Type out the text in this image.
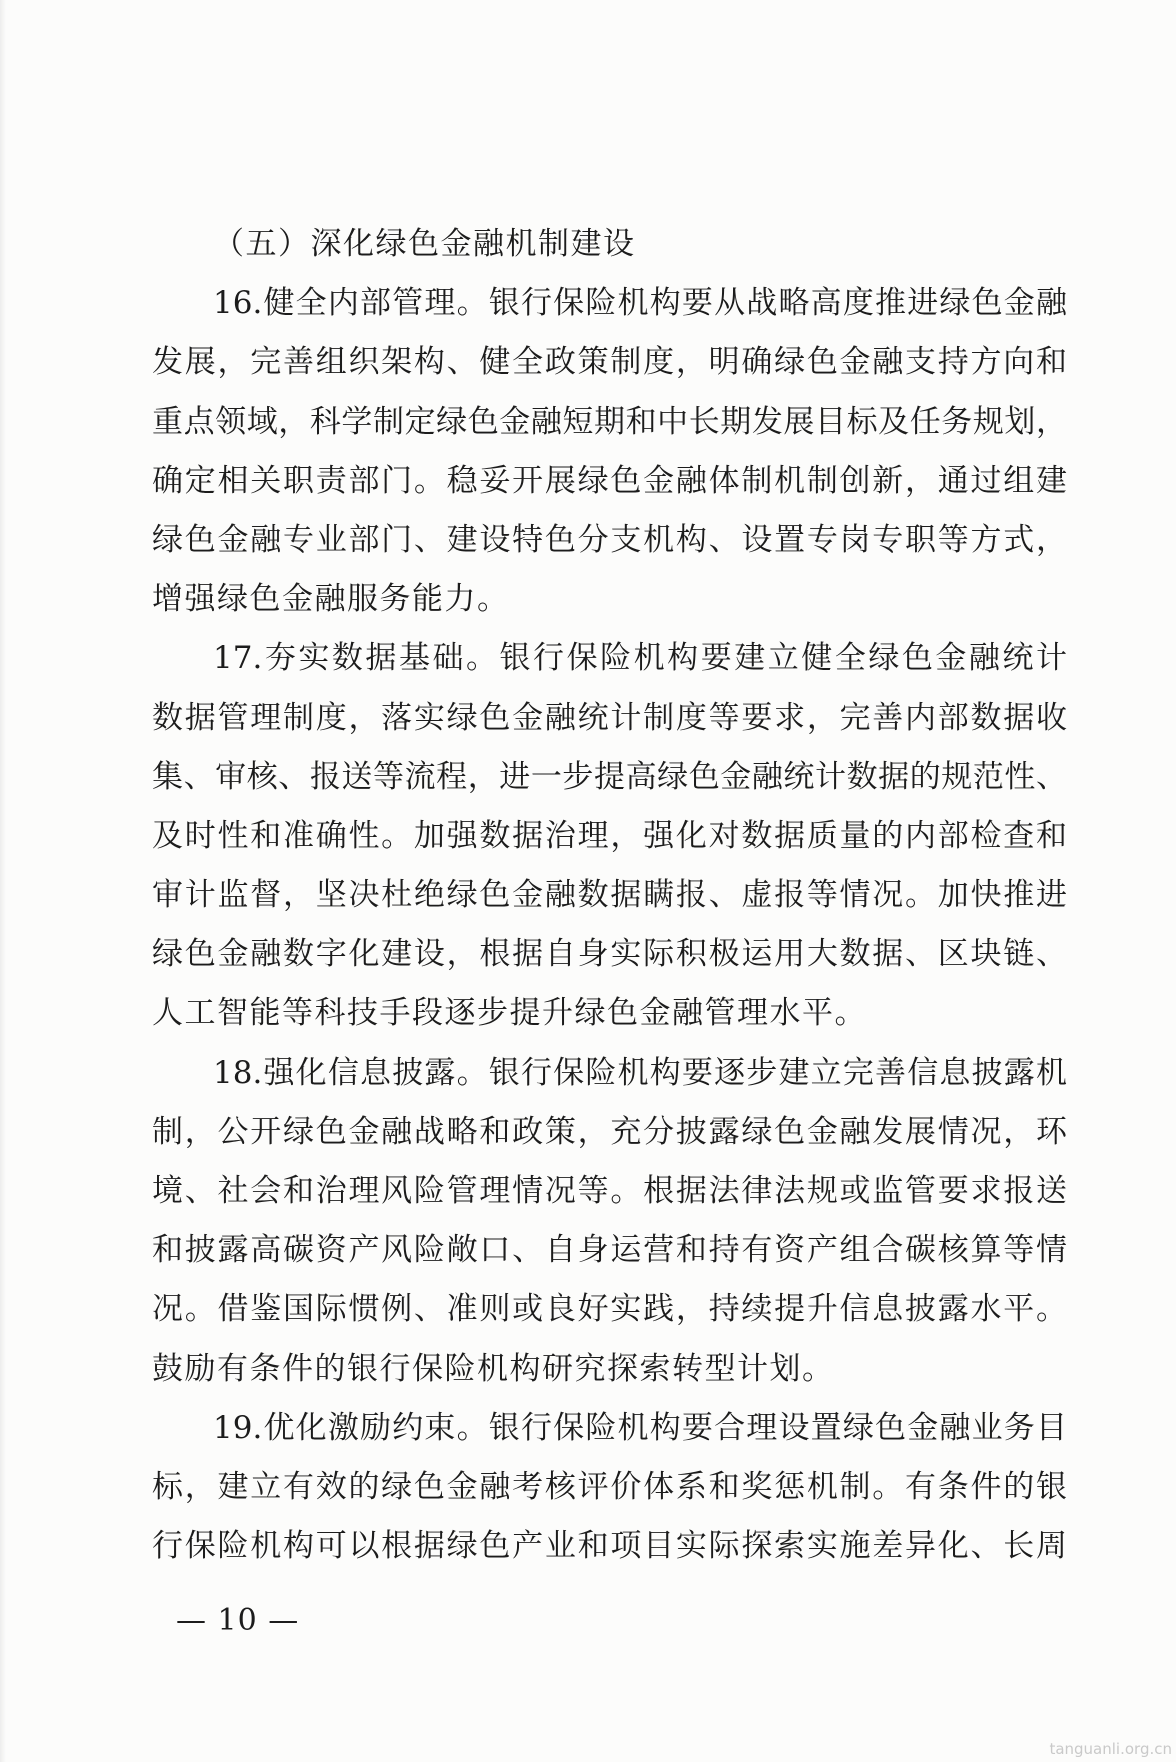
（五）深化绿色金融机制建设
16.健全内部管理。银行保险机构要从战略高度推进绿色金融
发展，完善组织架构、健全政策制度，明确绿色金融支持方向和
重点领域，科学制定绿色金融短期和中长期发展目标及任务规划，
确定相关职责部门。稳妥开展绿色金融体制机制创新，通过组建
绿色金融专业部门、建设特色分支机构、设置专岗专职等方式，
增强绿色金融服务能力。
17.夯实数据基础。银行保险机构要建立健全绿色金融统计
数据管理制度，落实绿色金融统计制度等要求，完善内部数据收
集、审核、报送等流程，进一步提高绿色金融统计数据的规范性、
及时性和准确性。加强数据治理，强化对数据质量的内部检查和
审计监督，坚决杜绝绿色金融数据瞒报、虚报等情况。加快推进
绿色金融数字化建设，根据自身实际积极运用大数据、区块链、
人工智能等科技手段逐步提升绿色金融管理水平。
18.强化信息披露。银行保险机构要逐步建立完善信息披露机
制，公开绿色金融战略和政策，充分披露绿色金融发展情况，环
境、社会和治理风险管理情况等。根据法律法规或监管要求报送
和披露高碳资产风险敞口、自身运营和持有资产组合碳核算等情
况。借鉴国际惯例、准则或良好实践，持续提升信息披露水平。
鼓励有条件的银行保险机构研究探索转型计划。
19.优化激励约束。银行保险机构要合理设置绿色金融业务目
标，建立有效的绿色金融考核评价体系和奖惩机制。有条件的银
行保险机构可以根据绿色产业和项目实际探索实施差异化、长周
— 10 —
tanguanli.org.cn
